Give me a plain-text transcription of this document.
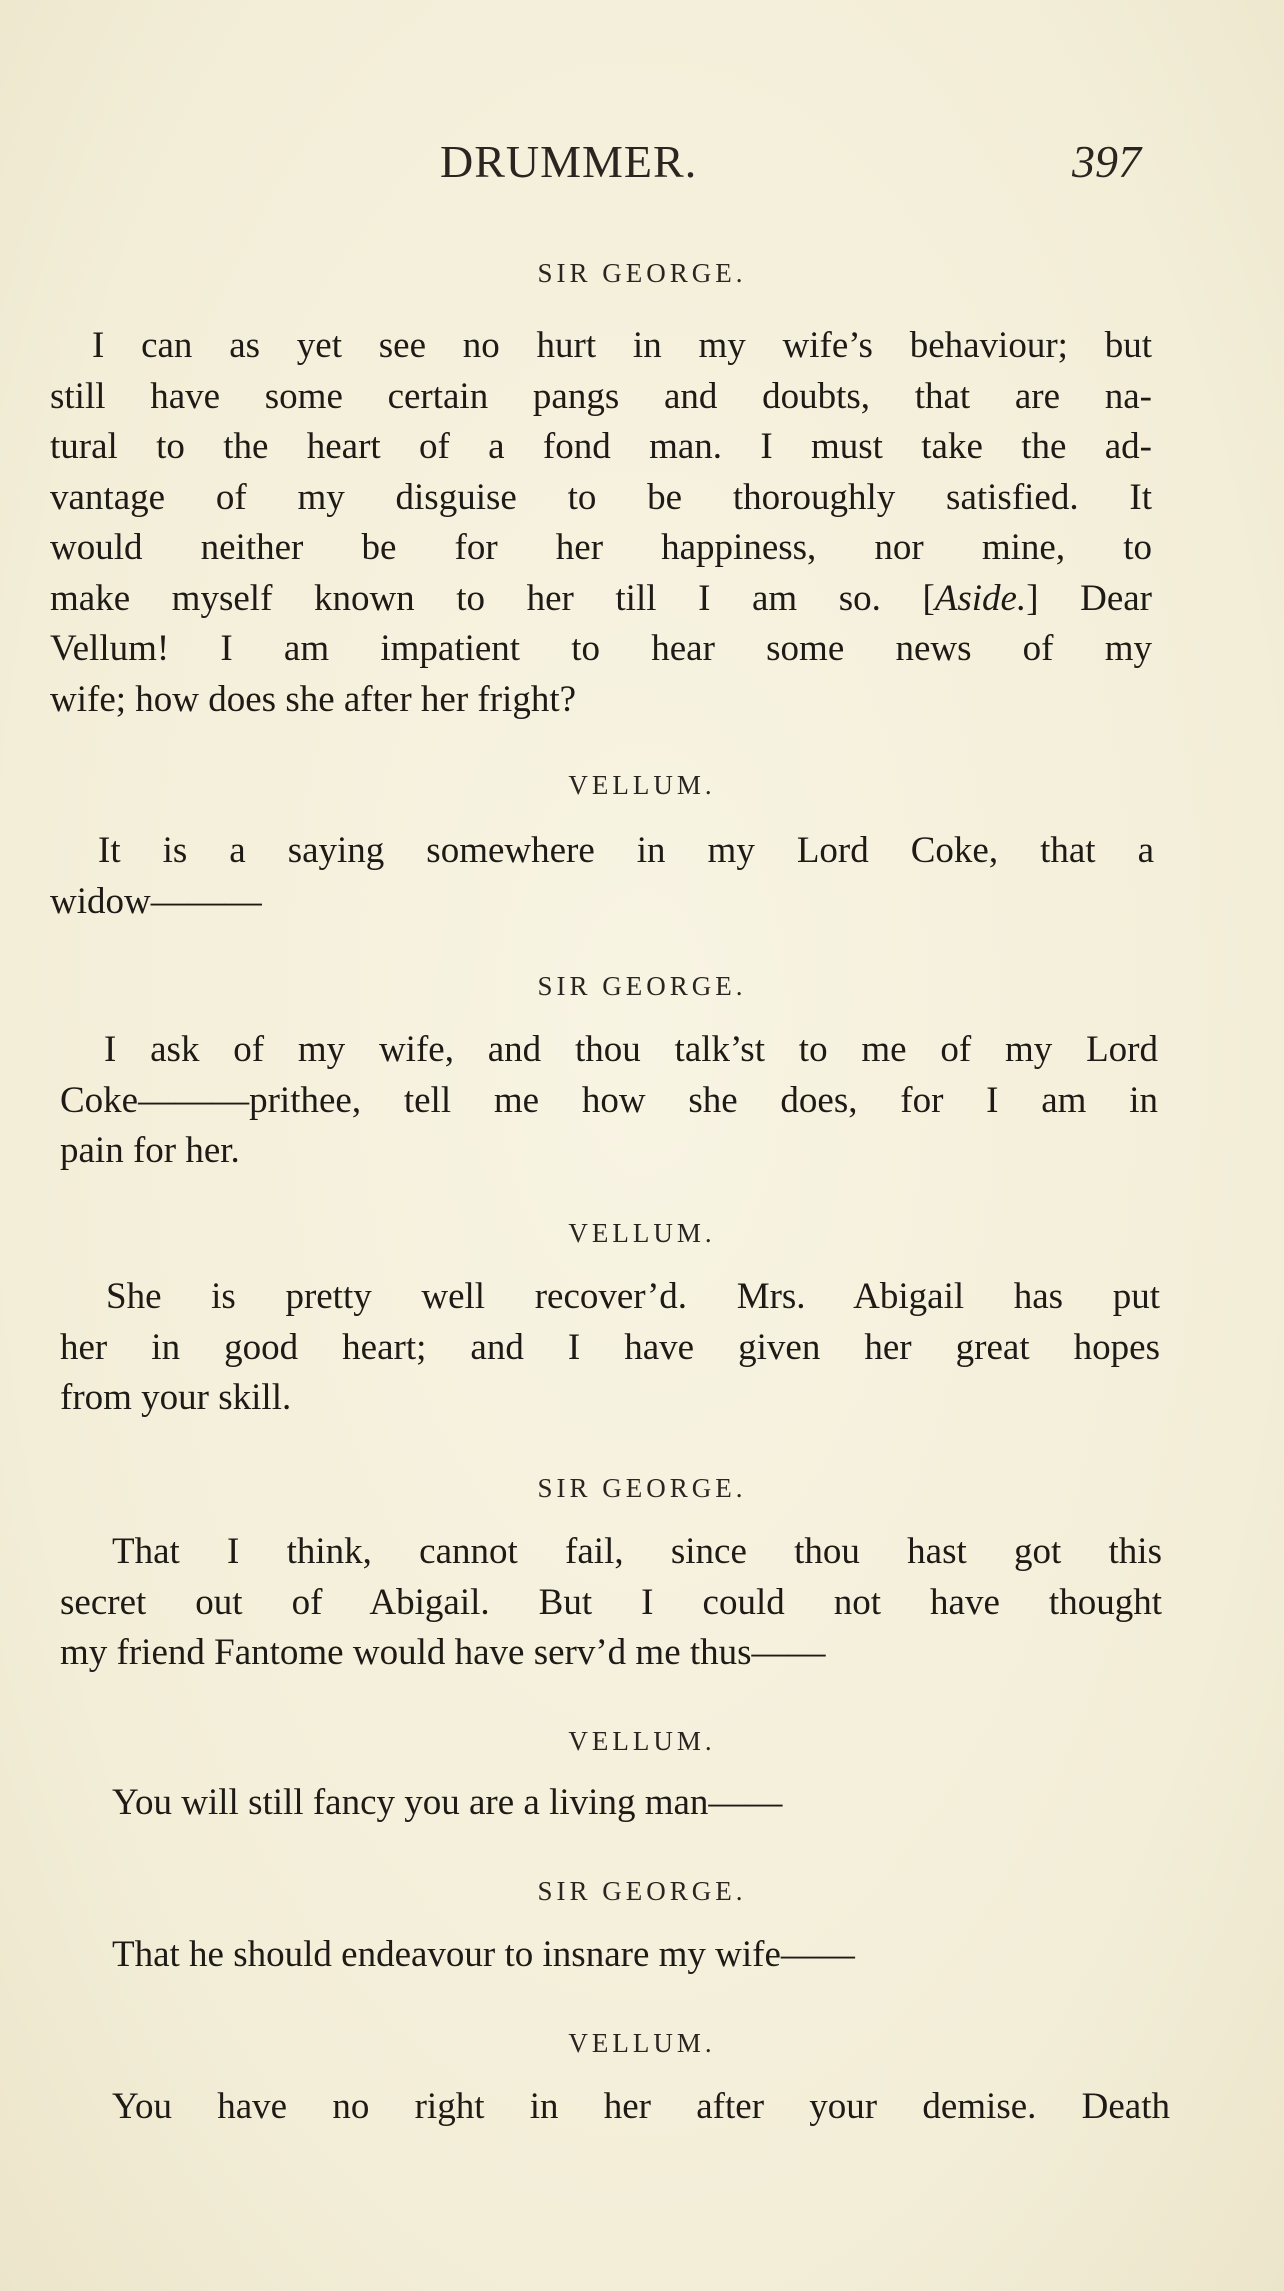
DRUMMER.	397
SIR GEORGE.
I can as yet see no hurt in my wife’s behaviour; but
still have some certain pangs and doubts, that are na-
tural to the heart of a fond man. I must take the ad-
vantage of my disguise to be thoroughly satisfied. It
would neither be for her happiness, nor mine, to
make myself known to her till I am so. [Aside.] Dear
Vellum! I am impatient to hear some news of my
wife; how does she after her fright?
VELLUM.
It is a saying somewhere in my Lord Coke, that a
widow———
SIR GEORGE.
I ask of my wife, and thou talk’st to me of my Lord
Coke———prithee, tell me how she does, for I am in
pain for her.
VELLUM.
She is pretty well recover’d. Mrs. Abigail has put
her in good heart; and I have given her great hopes
from your skill.
SIR GEORGE.
That I think, cannot fail, since thou hast got this
secret out of Abigail. But I could not have thought
my friend Fantome would have serv’d me thus——
VELLUM.
You will still fancy you are a living man——
SIR GEORGE.
That he should endeavour to insnare my wife——
VELLUM.
You have no right in her after your demise. Death
